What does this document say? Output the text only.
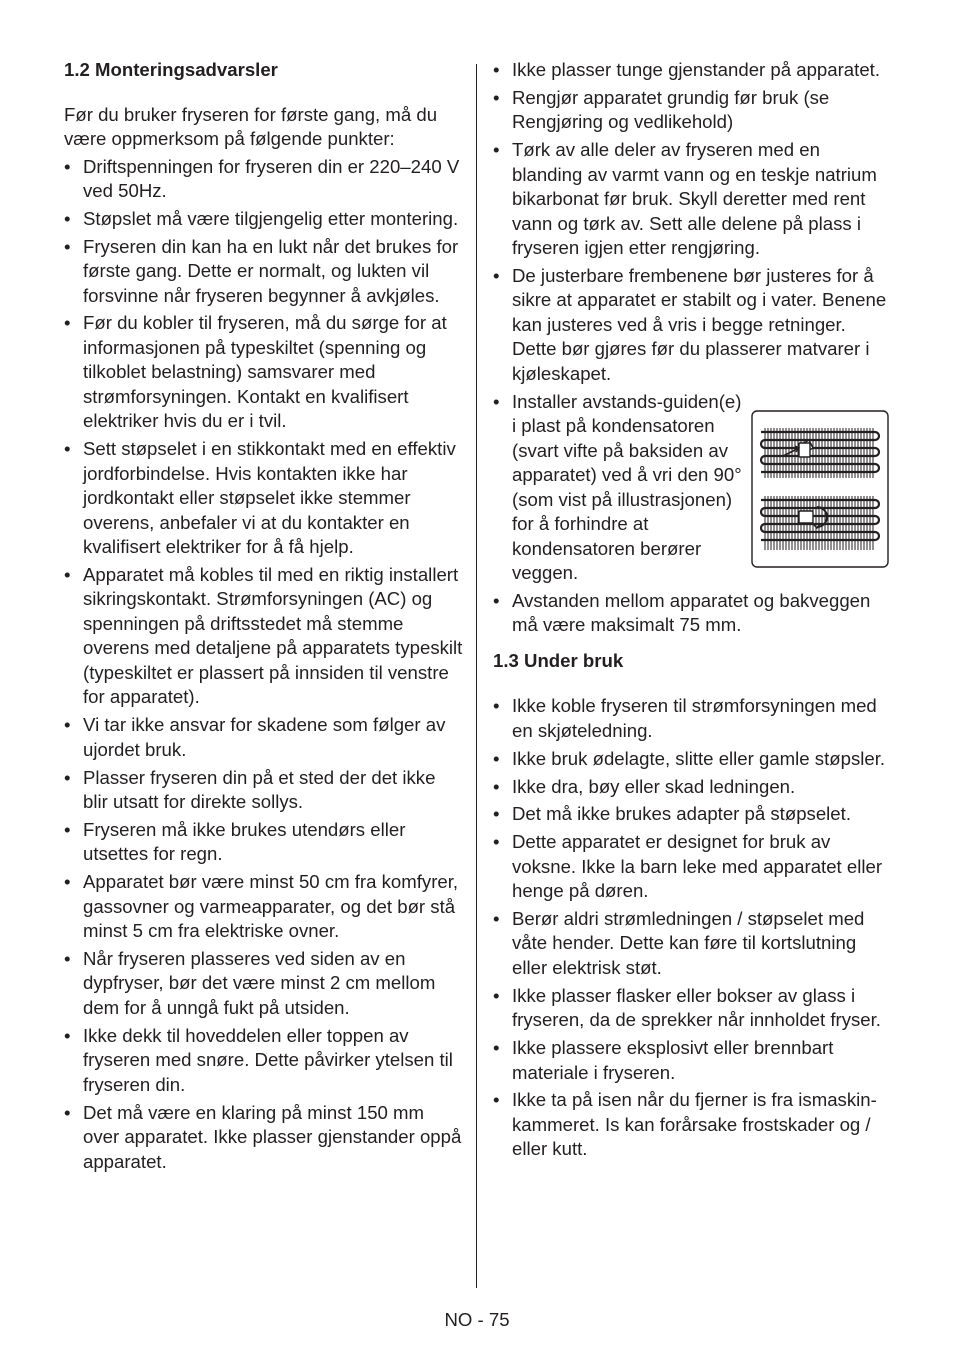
1.2 Monteringsadvarsler

Før du bruker fryseren for første gang, må du være oppmerksom på følgende punkter:

• Driftspenningen for fryseren din er 220–240 V ved 50Hz.
• Støpslet må være tilgjengelig etter montering.
• Fryseren din kan ha en lukt når det brukes for første gang. Dette er normalt, og lukten vil forsvinne når fryseren begynner å avkjøles.
• Før du kobler til fryseren, må du sørge for at informasjonen på typeskiltet (spenning og tilkoblet belastning) samsvarer med strømforsyningen. Kontakt en kvalifisert elektriker hvis du er i tvil.
• Sett støpselet i en stikkontakt med en effektiv jordforbindelse. Hvis kontakten ikke har jordkontakt eller støpselet ikke stemmer overens, anbefaler vi at du kontakter en kvalifisert elektriker for å få hjelp.
• Apparatet må kobles til med en riktig installert sikringskontakt. Strømforsyningen (AC) og spenningen på driftsstedet må stemme overens med detaljene på apparatets typeskilt (typeskiltet er plassert på innsiden til venstre for apparatet).
• Vi tar ikke ansvar for skadene som følger av ujordet bruk.
• Plasser fryseren din på et sted der det ikke blir utsatt for direkte sollys.
• Fryseren må ikke brukes utendørs eller utsettes for regn.
• Apparatet bør være minst 50 cm fra komfyrer, gassovner og varmeapparater, og det bør stå minst 5 cm fra elektriske ovner.
• Når fryseren plasseres ved siden av en dypfryser, bør det være minst 2 cm mellom dem for å unngå fukt på utsiden.
• Ikke dekk til hoveddelen eller toppen av fryseren med snøre. Dette påvirker ytelsen til fryseren din.
• Det må være en klaring på minst 150 mm over apparatet. Ikke plasser gjenstander oppå apparatet.
• Ikke plasser tunge gjenstander på apparatet.
• Rengjør apparatet grundig før bruk (se Rengjøring og vedlikehold)
• Tørk av alle deler av fryseren med en blanding av varmt vann og en teskje natrium bikarbonat før bruk. Skyll deretter med rent vann og tørk av. Sett alle delene på plass i fryseren igjen etter rengjøring.
• De justerbare frembenene bør justeres for å sikre at apparatet er stabilt og i vater. Benene kan justeres ved å vris i begge retninger. Dette bør gjøres før du plasserer matvarer i kjøleskapet.
• Installer avstands-guiden(e) i plast på kondensatoren (svart vifte på baksiden av apparatet) ved å vri den 90° (som vist på illustrasjonen) for å forhindre at kondensatoren berører veggen.
• Avstanden mellom apparatet og bakveggen må være maksimalt 75 mm.
1.3 Under bruk
• Ikke koble fryseren til strømforsyningen med en skjøteledning.
• Ikke bruk ødelagte, slitte eller gamle støpsler.
• Ikke dra, bøy eller skad ledningen.
• Det må ikke brukes adapter på støpselet.
• Dette apparatet er designet for bruk av voksne. Ikke la barn leke med apparatet eller henge på døren.
• Berør aldri strømledningen / støpselet med våte hender. Dette kan føre til kortslutning eller elektrisk støt.
• Ikke plasser flasker eller bokser av glass i fryseren, da de sprekker når innholdet fryser.
• Ikke plassere eksplosivt eller brennbart materiale i fryseren.
• Ikke ta på isen når du fjerner is fra ismaskin-kammeret. Is kan forårsake frostskader og / eller kutt.
NO - 75
